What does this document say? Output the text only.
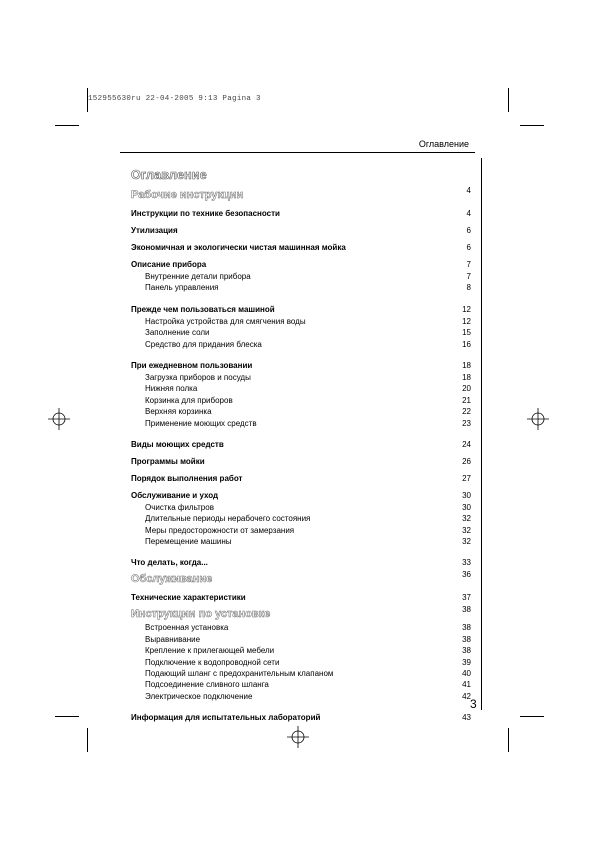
152955630ru 22-04-2005 9:13 Pagina 3
Оглавление
Оглавление
Рабочие инструкции	4
Инструкции по технике безопасности	4
Утилизация	6
Экономичная и экологически чистая машинная мойка	6
Описание прибора	7
Внутренние детали прибора	7
Панель управления	8
Прежде чем пользоваться машиной	12
Настройка устройства для смягчения воды	12
Заполнение соли	15
Средство для придания блеска	16
При ежедневном пользовании	18
Загрузка приборов и посуды	18
Нижняя полка	20
Корзинка для приборов	21
Верхняя корзинка	22
Применение моющих средств	23
Виды моющих средств	24
Программы мойки	26
Порядок выполнения работ	27
Обслуживание и уход	30
Очистка фильтров	30
Длительные периоды нерабочего состояния	32
Меры предосторожности от замерзания	32
Перемещение машины	32
Что делать, когда...	33
Обслуживание	36
Технические характеристики	37
Инструкции по установке	38
Встроенная установка	38
Выравнивание	38
Крепление к прилегающей мебели	38
Подключение к водопроводной сети	39
Подающий шланг с предохранительным клапаном	40
Подсоединение сливного шланга	41
Электрическое подключение	42
Информация для испытательных лабораторий	43
3
